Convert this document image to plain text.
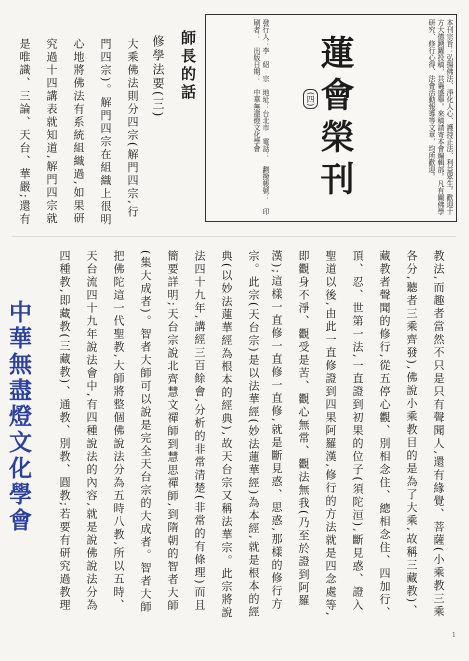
發行人：李　紹　宗　地址：台北市　電話：　劃撥帳號：　印刷者：　出版日期：　中華無盡燈文化學會	蓮會榮刊
(四)	本刊宗旨：弘揚佛法、淨化人心、護持正法、利益眾生。歡迎十方大德踴躍投稿，共襄盛舉。來稿請寄本會編輯部。凡有關佛學研究、修行心得、法會活動報導等文章，均所歡迎。
師長的話
修學法要(三)
大乘佛法則分四宗(解門四宗,行門四宗)。解門四宗在組織上很明心地將佛法有系統組織過,如果研究過十四講表就知道,解門四宗就是唯識、三論、天台、華嚴;還有
教法,而趣者當然不只是只有聲聞人,還有緣覺、菩薩(小乘教三乘各分,聽者三乘齊發),佛說小乘教目的是為了大乘,故稱三藏教)、藏教者聲聞的修行,從五停心觀、別相念住、總相念住、四加行、頂、忍、世第一法,一直證到初果的位子(須陀洹),斷見惑、證入聖道以後,由此一直修證到四果阿羅漢,修行的方法就是四念處等,即觀身不淨、觀受是苦、觀心無常、觀法無我(乃至於證到阿羅漢);這樣一直修一直修一直修,就是斷見惑、思惑,那樣的修行方
宗。此宗(天台宗)是以法華經(妙法蓮華經)為本經,就是根本的經典(以妙法蓮華經為根本的經典),故天台宗又稱法華宗。此宗將說法四十九年,講經三百餘會,分析的非常清楚(非常的有條理)而且簡要詳明;天台宗說北齊慧文禪師到慧思禪師,到隋朝的智者大師(集大成者)。智者大師可以說是完全天台宗的大成者。智者大師把佛陀這一代聖教,大師將整個佛說法分為五時八教,所以五時、天台流四十九年說法會中,有四種說法的內容,就是說佛說法分為四種教,即藏教(三藏教)、通教、別教、圓教;若要有研究過教理
中華無盡燈文化學會
1
